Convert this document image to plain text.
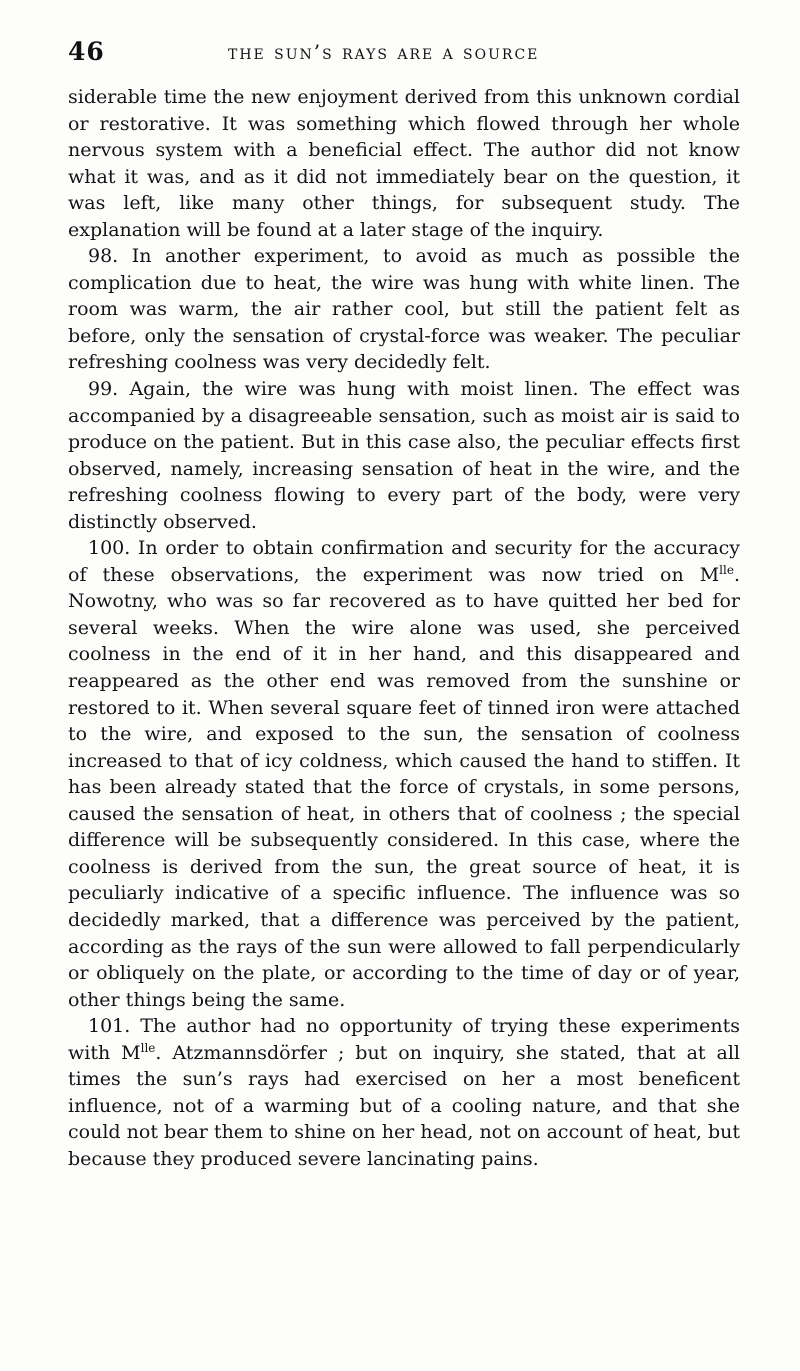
46	the sun’s rays are a source

siderable time the new enjoyment derived from this unknown cordial or restorative. It was something which flowed through her whole nervous system with a beneficial effect. The author did not know what it was, and as it did not immediately bear on the question, it was left, like many other things, for subsequent study. The explanation will be found at a later stage of the inquiry.

98. In another experiment, to avoid as much as possible the complication due to heat, the wire was hung with white linen. The room was warm, the air rather cool, but still the patient felt as before, only the sensation of crystal-force was weaker. The peculiar refreshing coolness was very decidedly felt.

99. Again, the wire was hung with moist linen. The effect was accompanied by a disagreeable sensation, such as moist air is said to produce on the patient. But in this case also, the peculiar effects first observed, namely, increasing sensation of heat in the wire, and the refreshing coolness flowing to every part of the body, were very distinctly observed.

100. In order to obtain confirmation and security for the accuracy of these observations, the experiment was now tried on $M^{lle}$. Nowotny, who was so far recovered as to have quitted her bed for several weeks. When the wire alone was used, she perceived coolness in the end of it in her hand, and this disappeared and reappeared as the other end was removed from the sunshine or restored to it. When several square feet of tinned iron were attached to the wire, and exposed to the sun, the sensation of coolness increased to that of icy coldness, which caused the hand to stiffen. It has been already stated that the force of crystals, in some persons, caused the sensation of heat, in others that of coolness ; the special difference will be subsequently considered. In this case, where the coolness is derived from the sun, the great source of heat, it is peculiarly indicative of a specific influence. The influence was so decidedly marked, that a difference was perceived by the patient, according as the rays of the sun were allowed to fall perpendicularly or obliquely on the plate, or according to the time of day or of year, other things being the same.

101. The author had no opportunity of trying these experiments with $M^{lle}$. Atzmannsdörfer ; but on inquiry, she stated, that at all times the sun’s rays had exercised on her a most beneficent influence, not of a warming but of a cooling nature, and that she could not bear them to shine on her head, not on account of heat, but because they produced severe lancinating pains.
